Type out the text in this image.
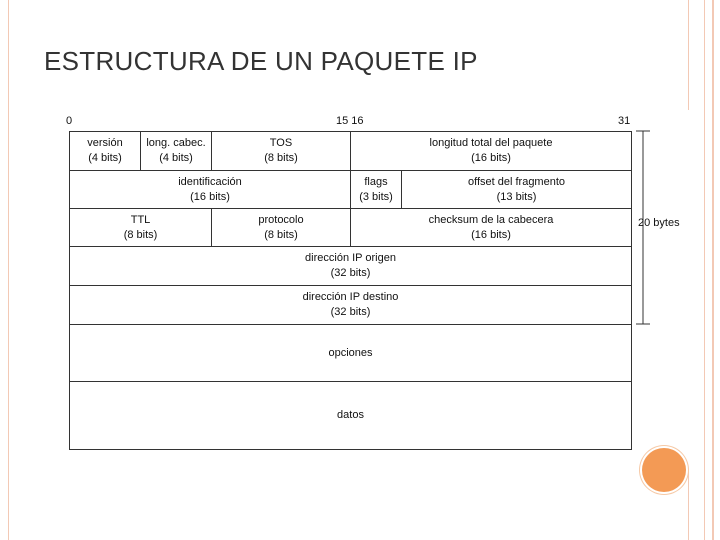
ESTRUCTURA DE UN PAQUETE IP
0	15 16	31
versión
(4 bits)
long. cabec.
(4 bits)
TOS
(8 bits)
longitud total del paquete
(16 bits)
identificación
(16 bits)
flags
(3 bits)
offset del fragmento
(13 bits)
TTL
(8 bits)
protocolo
(8 bits)
checksum de la cabecera
(16 bits)
dirección IP origen
(32 bits)
dirección IP destino
(32 bits)
opciones
datos
20 bytes
